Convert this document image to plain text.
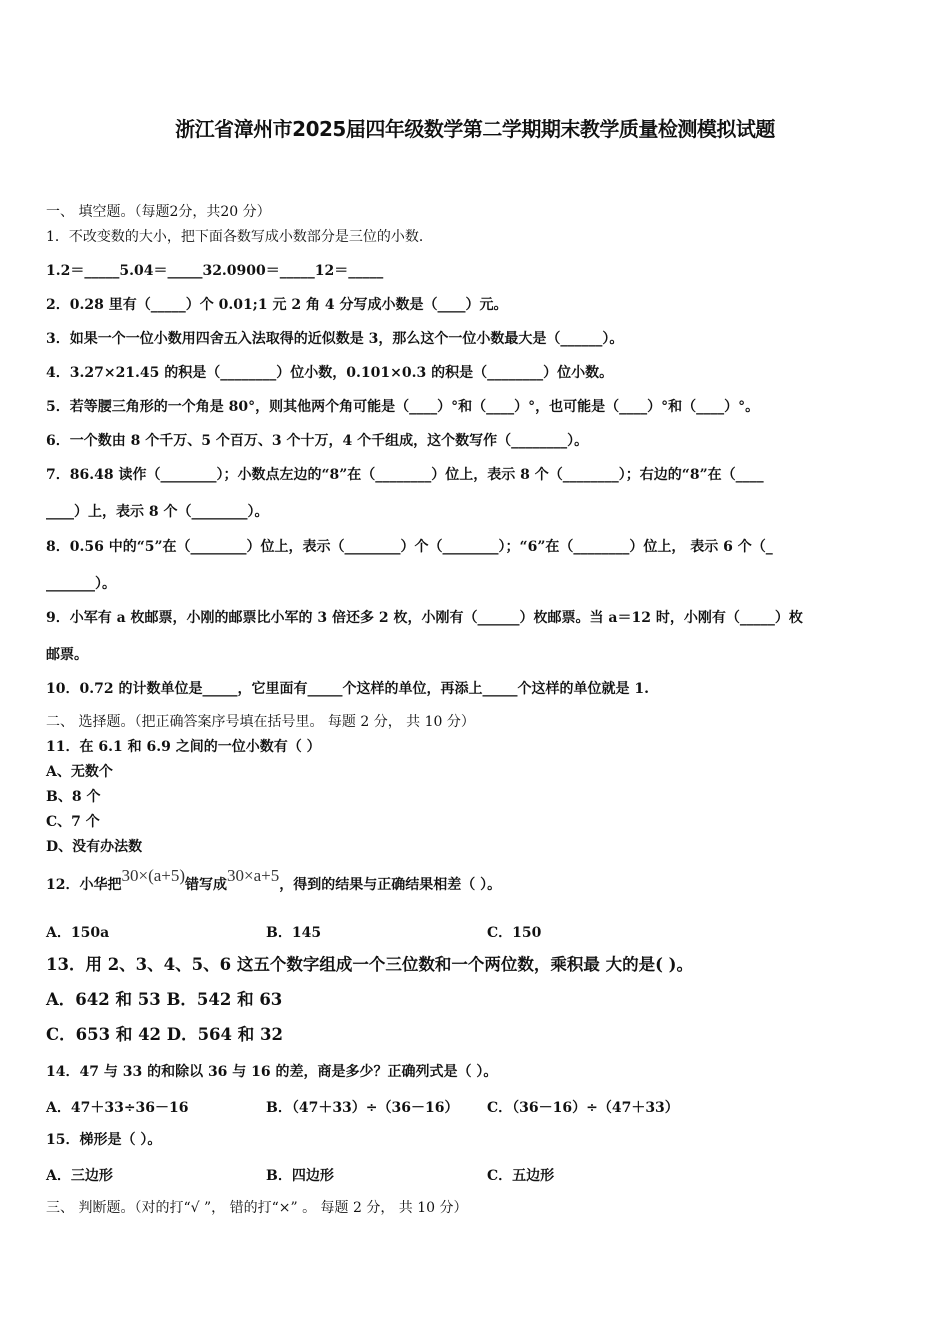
浙江省漳州市2025届四年级数学第二学期期末教学质量检测模拟试题
一、 填空题。（每题2分，共20 分）
1．不改变数的大小，把下面各数写成小数部分是三位的小数．
1.2＝_____5.04＝_____32.0900＝_____12＝_____
2．0.28 里有（_____）个 0.01;1 元 2 角 4 分写成小数是（____）元。
3．如果一个一位小数用四舍五入法取得的近似数是 3，那么这个一位小数最大是（______）。
4．3.27×21.45 的积是（________）位小数，0.101×0.3 的积是（________）位小数。
5．若等腰三角形的一个角是 80°，则其他两个角可能是（____）°和（____）°，也可能是（____）°和（____）°。
6．一个数由 8 个千万、5 个百万、3 个十万，4 个千组成，这个数写作（________）。
7．86.48 读作（________）；小数点左边的“8”在（________）位上，表示 8 个（________）；右边的“8”在（____
____）上，表示 8 个（________）。
8．0.56 中的“5”在（________）位上，表示（________）个（________）；“6”在（________）位上， 表示 6 个（_
_______）。
9．小军有 a 枚邮票，小刚的邮票比小军的 3 倍还多 2 枚，小刚有（______）枚邮票。当 a＝12 时，小刚有（_____）枚
邮票。
10．0.72 的计数单位是_____，它里面有_____个这样的单位，再添上_____个这样的单位就是 1.
二、 选择题。（把正确答案序号填在括号里。 每题 2 分， 共 10 分）
11．在 6.1 和 6.9 之间的一位小数有（ ）
A、无数个
B、8 个
C、7 个
D、没有办法数
12．小华把30×(a+5)错写成30×a+5，得到的结果与正确结果相差（ ）。
A．150a	B．145	C．150
13．用 2、3、4、5、6 这五个数字组成一个三位数和一个两位数，乘积最 大的是( )。
A．642 和 53 B．542 和 63
C．653 和 42 D．564 和 32
14．47 与 33 的和除以 36 与 16 的差，商是多少？正确列式是（ ）。
A．47＋33÷36－16	B．（47＋33）÷（36－16） C．（36－16）÷（47＋33）
15．梯形是（ ）。
A．三边形	B．四边形	C．五边形
三、 判断题。（对的打“√ ”， 错的打“×” 。 每题 2 分， 共 10 分）
